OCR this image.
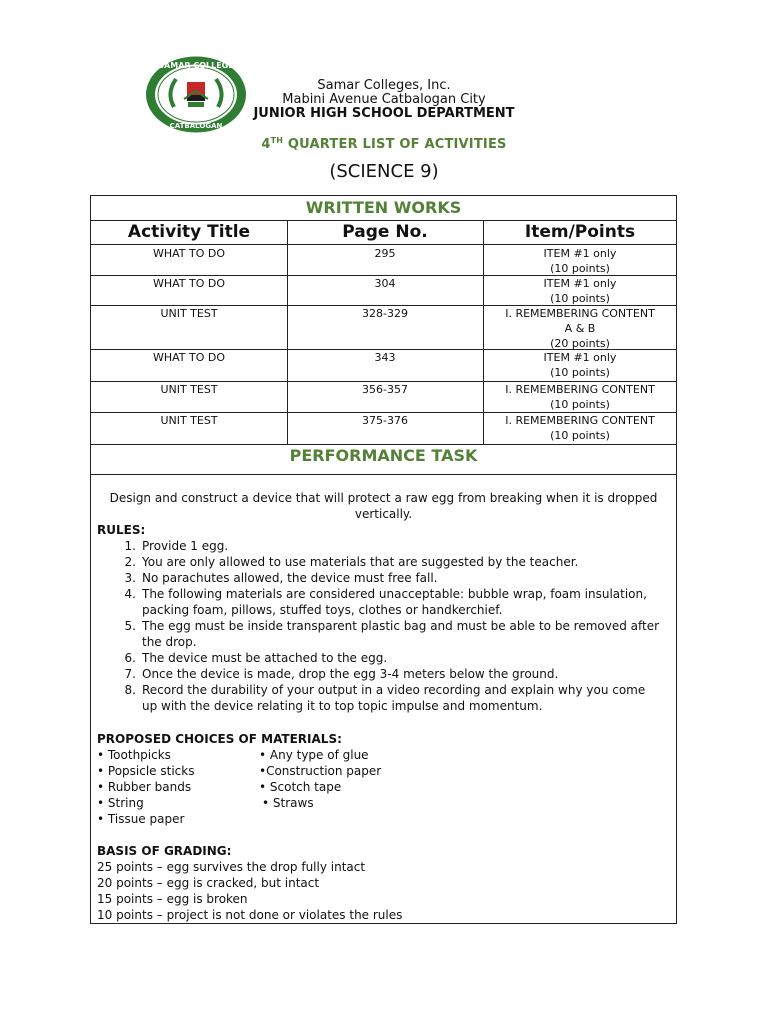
SAMAR COLLEGE
CATBALOGAN
Samar Colleges, Inc.
Mabini Avenue Catbalogan City
JUNIOR HIGH SCHOOL DEPARTMENT
4TH QUARTER LIST OF ACTIVITIES
(SCIENCE 9)
WRITTEN WORKS
Activity Title	Page No.	Item/Points
WHAT TO DO	295	ITEM #1 only
(10 points)
WHAT TO DO	304	ITEM #1 only
(10 points)
UNIT TEST	328-329	I. REMEMBERING CONTENT
A & B
(20 points)
WHAT TO DO	343	ITEM #1 only
(10 points)
UNIT TEST	356-357	I. REMEMBERING CONTENT
(10 points)
UNIT TEST	375-376	I. REMEMBERING CONTENT
(10 points)
PERFORMANCE TASK
Design and construct a device that will protect a raw egg from breaking when it is dropped
vertically.
RULES:
1. Provide 1 egg.
2. You are only allowed to use materials that are suggested by the teacher.
3. No parachutes allowed, the device must free fall.
4. The following materials are considered unacceptable: bubble wrap, foam insulation,
packing foam, pillows, stuffed toys, clothes or handkerchief.
5. The egg must be inside transparent plastic bag and must be able to be removed after
the drop.
6. The device must be attached to the egg.
7. Once the device is made, drop the egg 3-4 meters below the ground.
8. Record the durability of your output in a video recording and explain why you come
up with the device relating it to top topic impulse and momentum.
PROPOSED CHOICES OF MATERIALS:
• Toothpicks
• Popsicle sticks
• Rubber bands
• String
• Tissue paper
• Any type of glue
•Construction paper
• Scotch tape
• Straws
BASIS OF GRADING:
25 points – egg survives the drop fully intact
20 points – egg is cracked, but intact
15 points – egg is broken
10 points – project is not done or violates the rules
